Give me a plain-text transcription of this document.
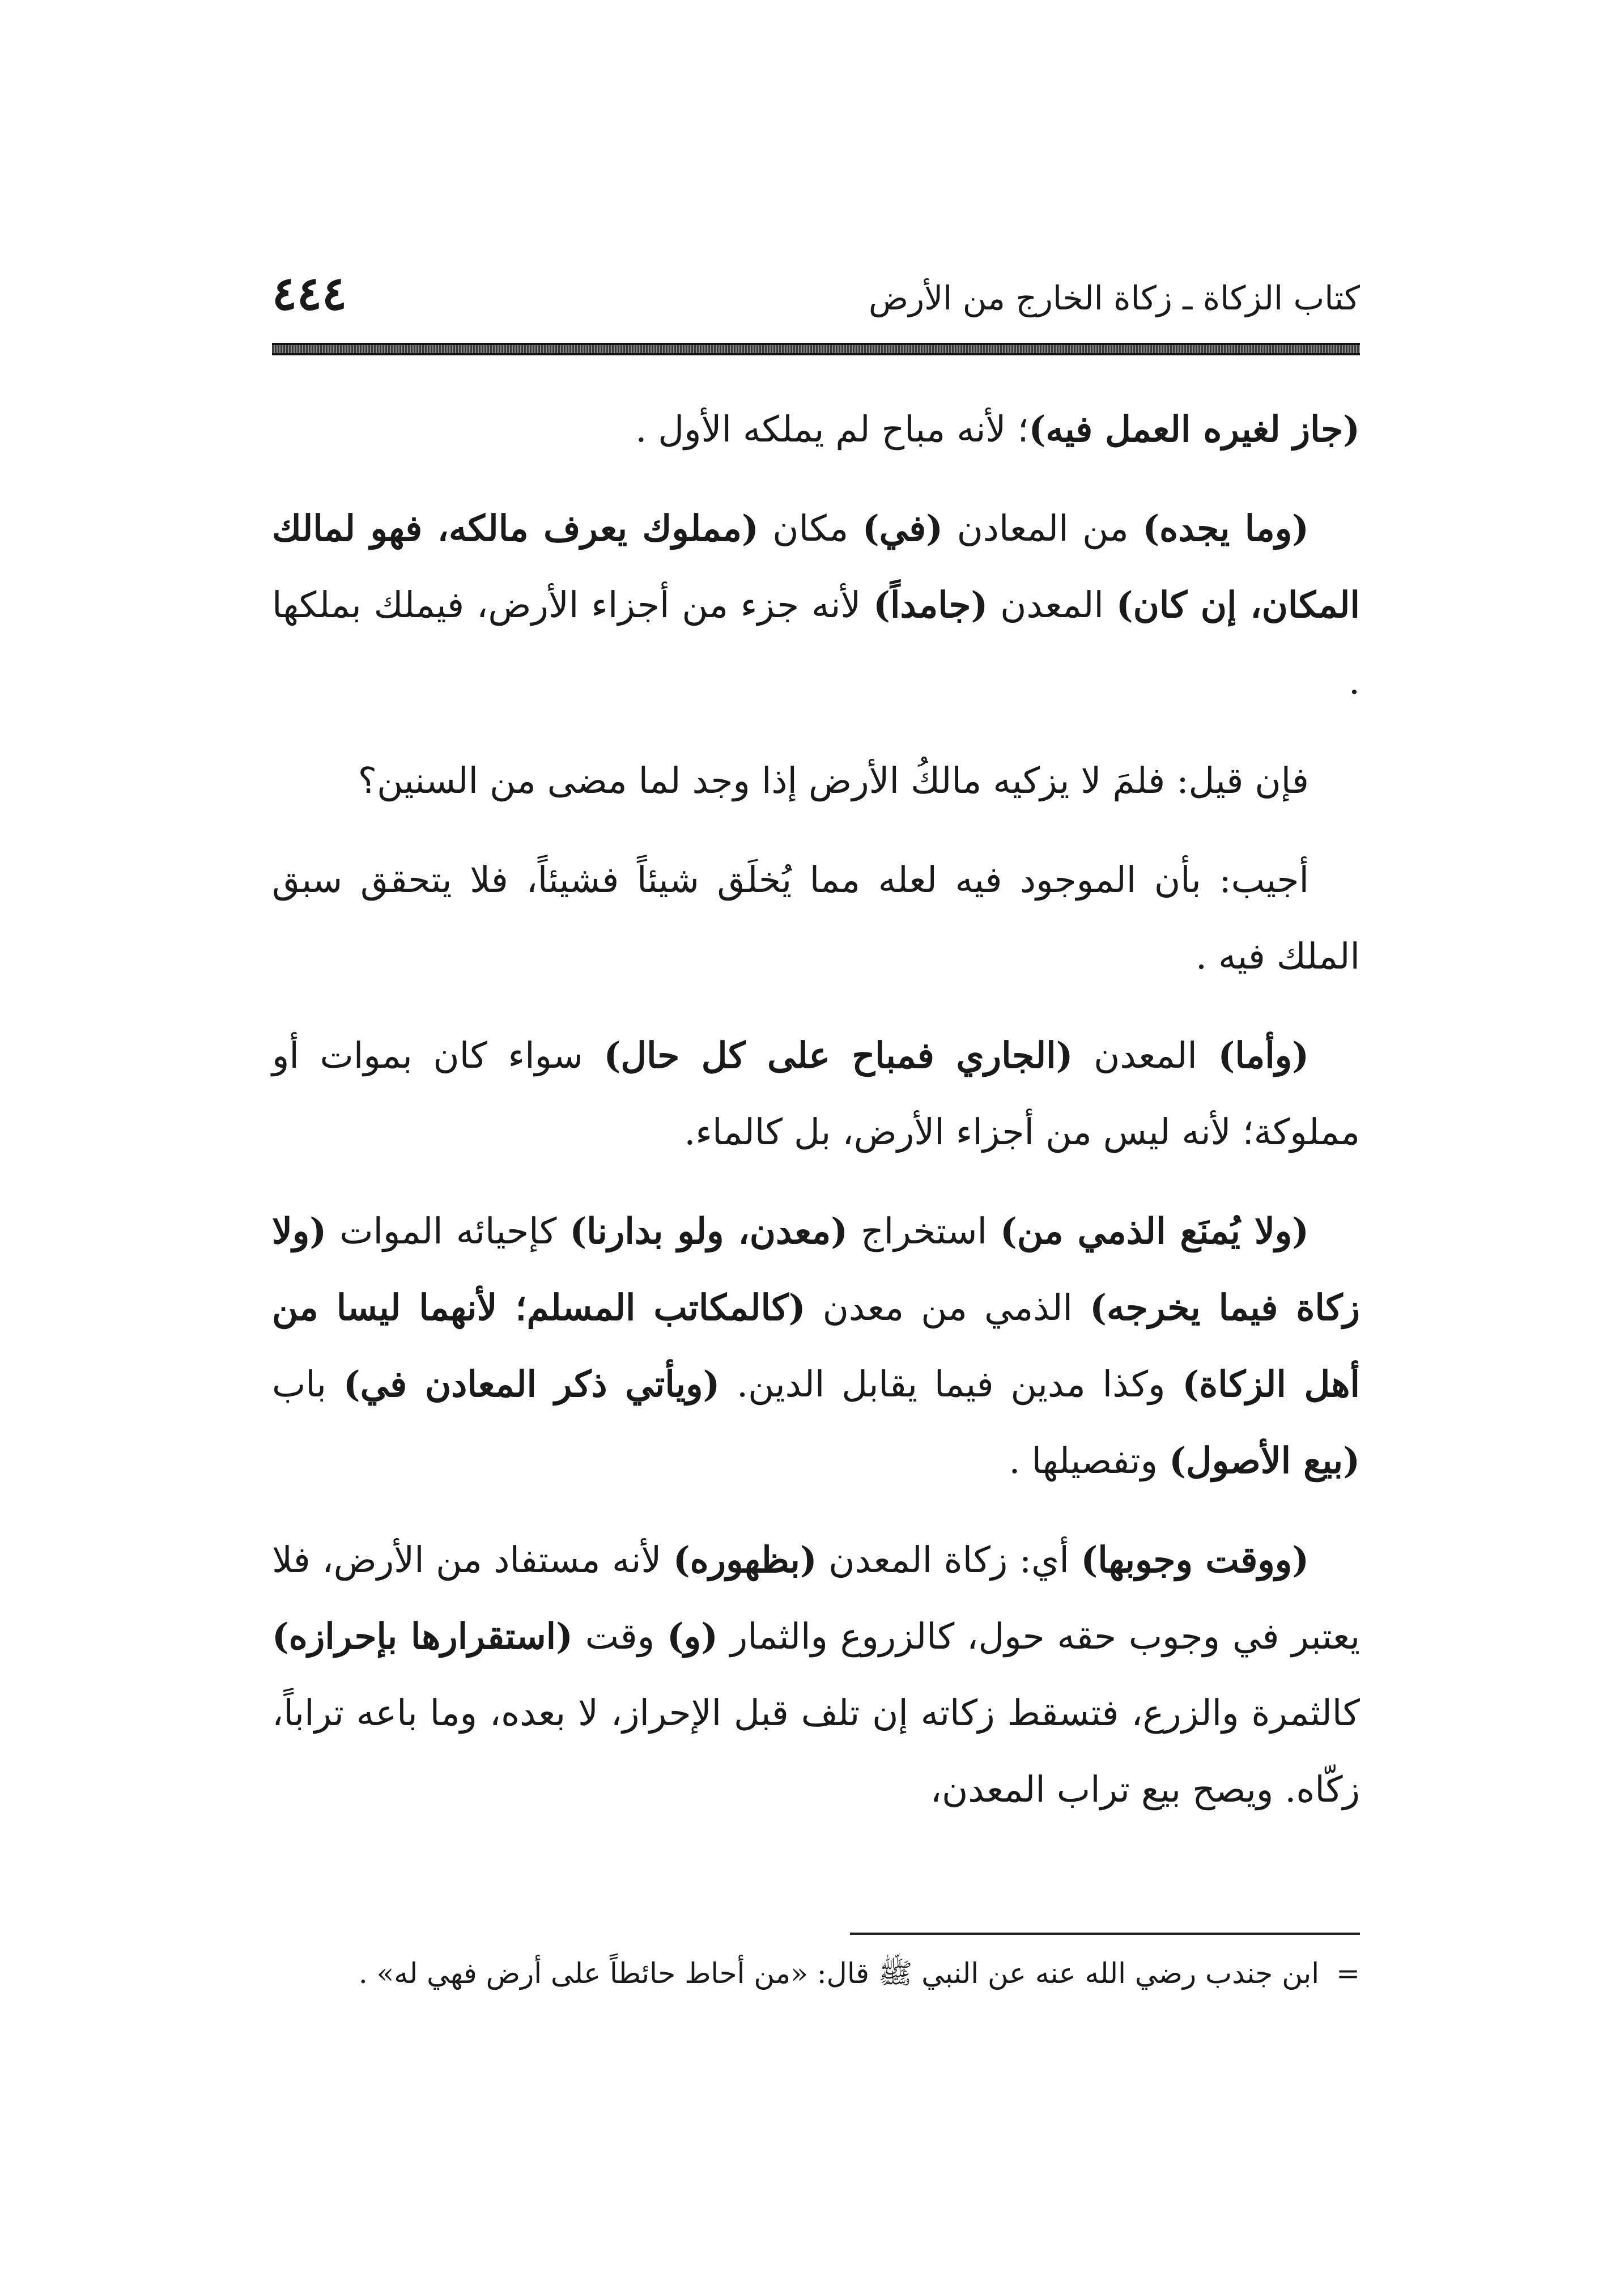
٤٤٤	كتاب الزكاة ـ زكاة الخارج من الأرض

(جاز لغيره العمل فيه)؛ لأنه مباح لم يملكه الأول .

(وما يجده) من المعادن (في) مكان (مملوك يعرف مالكه، فهو لمالك المكان، إن كان) المعدن (جامداً) لأنه جزء من أجزاء الأرض، فيملك بملكها .

فإن قيل: فلمَ لا يزكيه مالكُ الأرض إذا وجد لما مضى من السنين؟

أجيب: بأن الموجود فيه لعله مما يُخلَق شيئاً فشيئاً، فلا يتحقق سبق الملك فيه .

(وأما) المعدن (الجاري فمباح على كل حال) سواء كان بموات أو مملوكة؛ لأنه ليس من أجزاء الأرض، بل كالماء.

(ولا يُمنَع الذمي من) استخراج (معدن، ولو بدارنا) كإحيائه الموات (ولا زكاة فيما يخرجه) الذمي من معدن (كالمكاتب المسلم؛ لأنهما ليسا من أهل الزكاة) وكذا مدين فيما يقابل الدين. (ويأتي ذكر المعادن في) باب (بيع الأصول) وتفصيلها .

(ووقت وجوبها) أي: زكاة المعدن (بظهوره) لأنه مستفاد من الأرض، فلا يعتبر في وجوب حقه حول، كالزروع والثمار (و) وقت (استقرارها بإحرازه) كالثمرة والزرع، فتسقط زكاته إن تلف قبل الإحراز، لا بعده، وما باعه تراباً، زكّاه. ويصح بيع تراب المعدن،

=ابن جندب رضي الله عنه عن النبي ﷺ قال: «من أحاط حائطاً على أرض فهي له» .
